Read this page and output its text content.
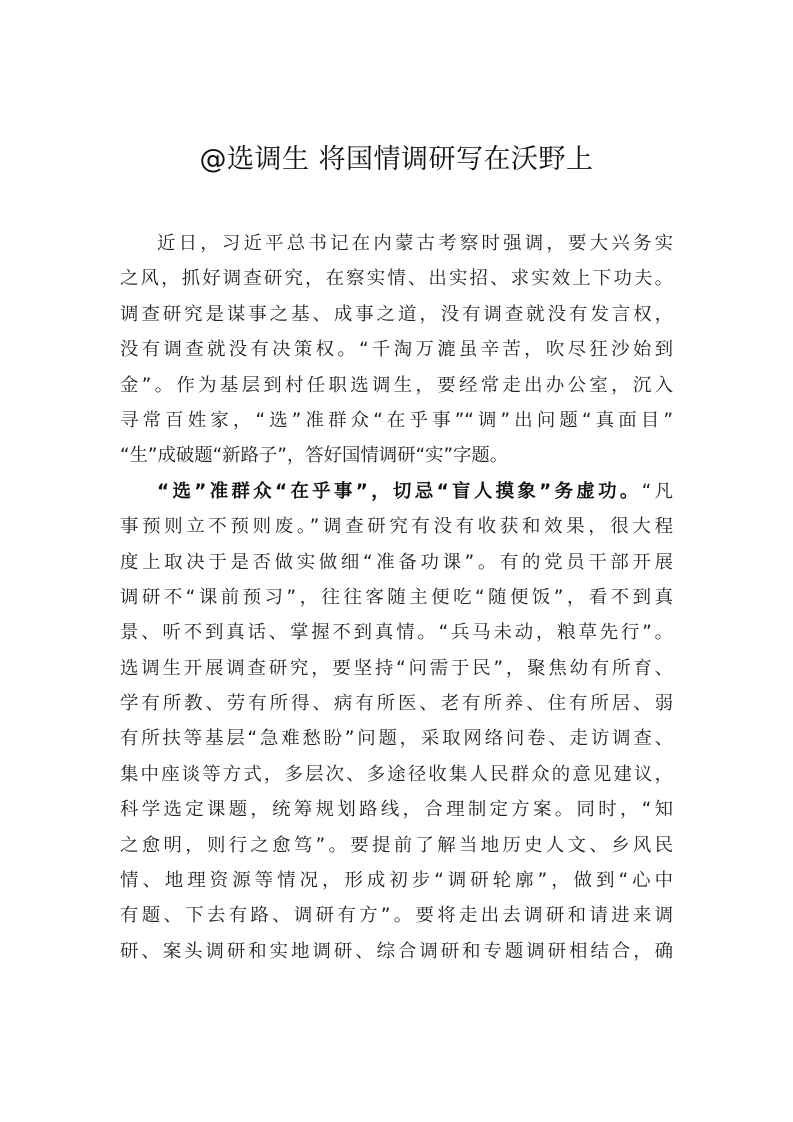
@选调生 将国情调研写在沃野上
近日，习近平总书记在内蒙古考察时强调，要大兴务实
之风，抓好调查研究，在察实情、出实招、求实效上下功夫。
调查研究是谋事之基、成事之道，没有调查就没有发言权，
没有调查就没有决策权。“千淘万漉虽辛苦，吹尽狂沙始到
金”。作为基层到村任职选调生，要经常走出办公室，沉入
寻常百姓家，“选”准群众“在乎事”“调”出问题“真面目”
“生”成破题“新路子”，答好国情调研“实”字题。
“选”准群众“在乎事”，切忌“盲人摸象”务虚功。“凡
事预则立不预则废。”调查研究有没有收获和效果，很大程
度上取决于是否做实做细“准备功课”。有的党员干部开展
调研不“课前预习”，往往客随主便吃“随便饭”，看不到真
景、听不到真话、掌握不到真情。“兵马未动，粮草先行”。
选调生开展调查研究，要坚持“问需于民”，聚焦幼有所育、
学有所教、劳有所得、病有所医、老有所养、住有所居、弱
有所扶等基层“急难愁盼”问题，采取网络问卷、走访调查、
集中座谈等方式，多层次、多途径收集人民群众的意见建议，
科学选定课题，统筹规划路线，合理制定方案。同时，“知
之愈明，则行之愈笃”。要提前了解当地历史人文、乡风民
情、地理资源等情况，形成初步“调研轮廓”，做到“心中
有题、下去有路、调研有方”。要将走出去调研和请进来调
研、案头调研和实地调研、综合调研和专题调研相结合，确
